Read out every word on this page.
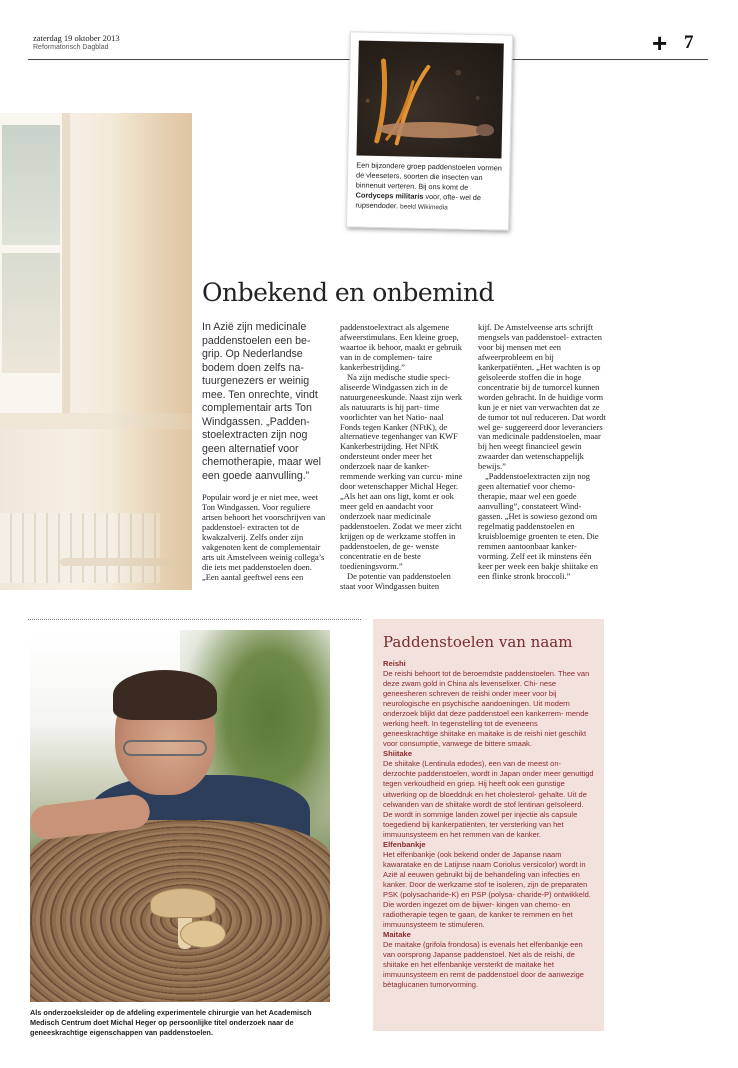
zaterdag 19 oktober 2013
Reformatorisch Dagblad	+ 7
Een bijzondere groep paddenstoelen vormen de vleeseters, soorten die insecten van binnenuit verteren. Bij ons komt de Cordyceps militaris voor, ofte- wel de rupsendoder. beeld Wikimedia
Onbekend en onbemind
In Azië zijn medicinale paddenstoelen een be- grip. Op Nederlandse bodem doen zelfs na- tuurgenezers er weinig mee. Ten onrechte, vindt complementair arts Ton Windgassen. „Padden- stoelextracten zijn nog geen alternatief voor chemotherapie, maar wel een goede aanvulling.”

Populair word je er niet mee, weet Ton Windgassen. Voor reguliere artsen behoort het voorschrijven van paddenstoel- extracten tot de kwakzalverij. Zelfs onder zijn vakgenoten kent de complementair arts uit Amstelveen weinig collega’s die iets met paddenstoelen doen. „Een aantal geeftwel eens een

paddenstoelextract als algemene afweerstimulans. Een kleine groep, waartoe ik behoor, maakt er gebruik van in de complemen- taire kankerbestrijding.”

Na zijn medische studie speci- aliseerde Windgassen zich in de natuurgeneeskunde. Naast zijn werk als natuurarts is hij part- time voorlichter van het Natio- naal Fonds tegen Kanker (NFtK), de alternatieve tegenhanger van KWF Kankerbestrijding. Het NFtK ondersteunt onder meer het onderzoek naar de kanker- remmende werking van curcu- mine door wetenschapper Michal Heger. „Als het aan ons ligt, komt er ook meer geld en aandacht voor onderzoek naar medicinale paddenstoelen. Zodat we meer zicht krijgen op de werkzame stoffen in paddenstoelen, de ge- wenste concentratie en de beste toedieningsvorm.”

De potentie van paddenstoelen staat voor Windgassen buiten

kijf. De Amstelveense arts schrijft mengsels van paddenstoel- extracten voor bij mensen met een afweerprobleem en bij kankerpatiënten. „Het wachten is op geïsoleerde stoffen die in hoge concentratie bij de tumorcel kunnen worden gebracht. In de huidige vorm kun je er niet van verwachten dat ze de tumor tot nul reduceren. Dat wordt wel ge- suggereerd door leveranciers van medicinale paddenstoelen, maar bij hen weegt financieel gewin zwaarder dan wetenschappelijk bewijs.”

„Paddenstoelextracten zijn nog geen alternatief voor chemo- therapie, maar wel een goede aanvulling”, constateert Wind- gassen. „Het is sowieso gezond om regelmatig paddenstoelen en kruisbloemige groenten te eten. Die remmen aantoonbaar kanker- vorming. Zelf eet ik minstens één keer per week een bakje shiitake en een flinke stronk broccoli.”

Als onderzoeksleider op de afdeling experimentele chirurgie van het Academisch Medisch Centrum doet Michal Heger op persoonlijke titel onderzoek naar de geneeskrachtige eigenschappen van paddenstoelen.
Paddenstoelen van naam
Reishi
De reishi behoort tot de beroemdste paddenstoelen. Thee van deze zwam gold in China als levenselixer. Chi- nese geneesheren schreven de reishi onder meer voor bij neurologische en psychische aandoeningen. Uit modern onderzoek blijkt dat deze paddenstoel een kankerrem- mende werking heeft. In tegenstelling tot de eveneens geneeskrachtige shiitake en maitake is de reishi niet geschikt voor consumptie, vanwege de bittere smaak.
Shiitake
De shiitake (Lentinula edodes), een van de meest on- derzochte paddenstoelen, wordt in Japan onder meer genuttigd tegen verkoudheid en griep. Hij heeft ook een gunstige uitwerking op de bloeddruk en het cholesterol- gehalte. Uit de celwanden van de shiitake wordt de stof lentinan geïsoleerd. De wordt in sommige landen zowel per injectie als capsule toegediend bij kankerpatiënten, ter versterking van het immuunsysteem en het remmen van de kanker.
Elfenbankje
Het elfenbankje (ook bekend onder de Japanse naam kawaratake en de Latijnse naam Coriolus versicolor) wordt in Azië al eeuwen gebruikt bij de behandeling van infecties en kanker. Door de werkzame stof te isoleren, zijn de preparaten PSK (polysacharide-K) en PSP (polysa- charide-P) ontwikkeld. Die worden ingezet om de bijwer- kingen van chemo- en radiotherapie tegen te gaan, de kanker te remmen en het immuunsysteem te stimuleren.
Maitake
De maitake (grifola frondosa) is evenals het elfenbankje een van oorsprong Japanse paddenstoel. Net als de reishi, de shiitake en het elfenbankje versterkt de maitake het immuunsysteem en remt de paddenstoel door de aanwezige bètaglucanen tumorvorming.
